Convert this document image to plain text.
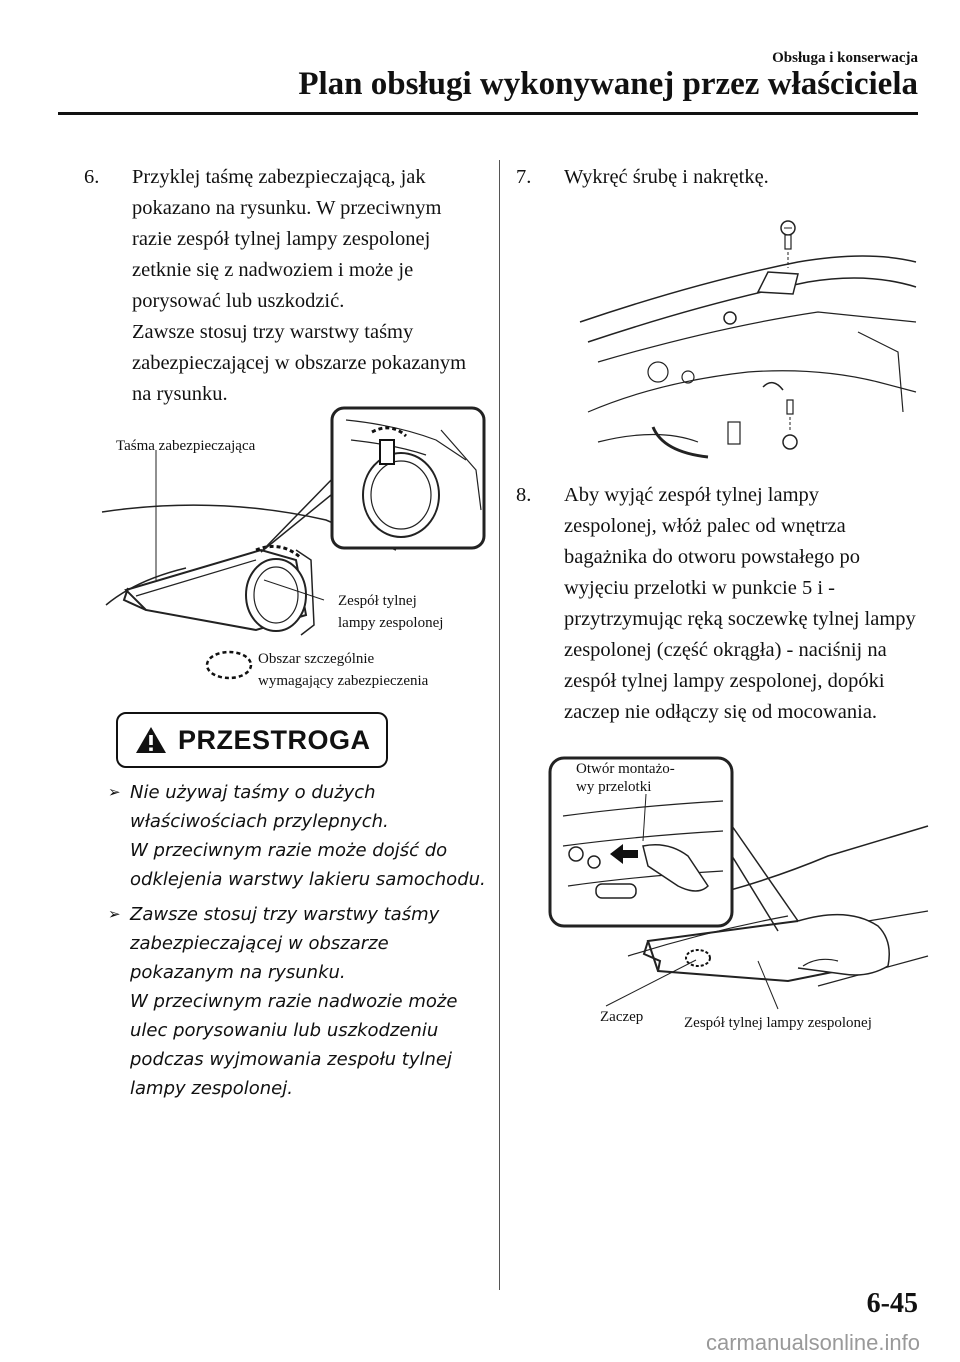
Obsługa i konserwacja
Plan obsługi wykonywanej przez właściciela
6. Przyklej taśmę zabezpieczającą, jak pokazano na rysunku. W przeciwnym razie zespół tylnej lampy zespolonej zetknie się z nadwoziem i może je porysować lub uszkodzić.

Zawsze stosuj trzy warstwy taśmy zabezpieczającej w obszarze pokazanym na rysunku.

Taśma zabezpieczająca
Zespół tylnej
lampy zespolonej
Obszar szczególnie
wymagający zabezpieczenia
PRZESTROGA
➢ Nie używaj taśmy o dużych właściwościach przylepnych.

W przeciwnym razie może dojść do odklejenia warstwy lakieru samochodu.

➢ Zawsze stosuj trzy warstwy taśmy zabezpieczającej w obszarze pokazanym na rysunku.

W przeciwnym razie nadwozie może ulec porysowaniu lub uszkodzeniu podczas wyjmowania zespołu tylnej lampy zespolonej.

7. Wykręć śrubę i nakrętkę.

8. Aby wyjąć zespół tylnej lampy zespolonej, włóż palec od wnętrza bagażnika do otworu powstałego po wyjęciu przelotki w punkcie 5 i - przytrzymując ręką soczewkę tylnej lampy zespolonej (część okrągła) - naciśnij na zespół tylnej lampy zespolonej, dopóki zaczep nie odłączy się od mocowania.

Otwór montażo-
wy przelotki
Zaczep	Zespół tylnej lampy zespolonej
6-45
carmanualsonline.info
